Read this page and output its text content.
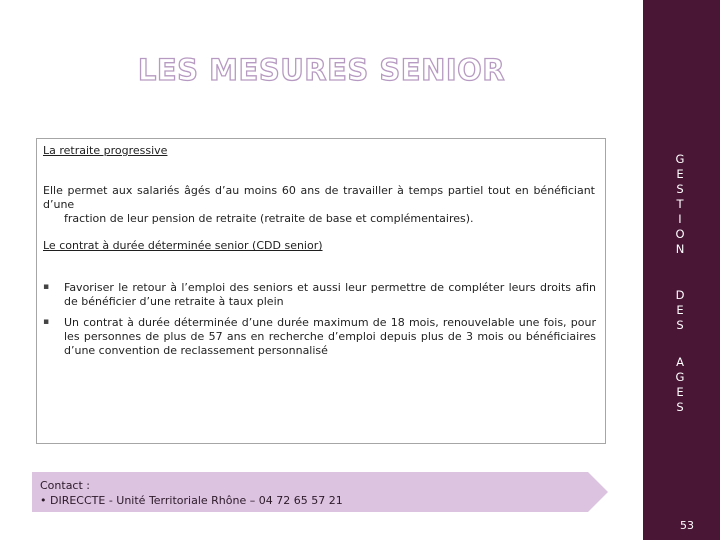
G
E
S
T
I
O
N
D
E
S
A
G
E
S
53
LES MESURES SENIOR
La retraite progressive
Elle permet aux salariés âgés d’au moins 60 ans de travailler à temps partiel tout en bénéficiant d’une
fraction de leur pension de retraite (retraite de base et complémentaires).
Le contrat à durée déterminée senior (CDD senior)
▪ Favoriser le retour à l’emploi des seniors et aussi leur permettre de compléter leurs droits afin de bénéficier d’une retraite à taux plein
▪ Un contrat à durée déterminée d’une durée maximum de 18 mois, renouvelable une fois, pour les personnes de plus de 57 ans en recherche d’emploi depuis plus de 3 mois ou bénéficiaires d’une convention de reclassement personnalisé
Contact :
• DIRECCTE - Unité Territoriale Rhône – 04 72 65 57 21
